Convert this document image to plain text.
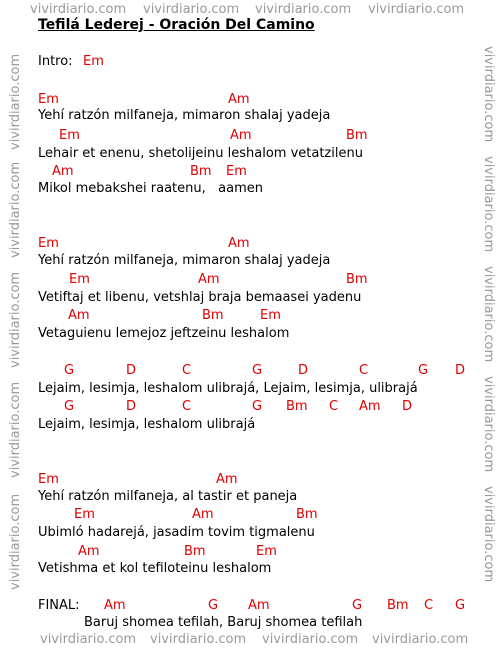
vivirdiario.com vivirdiario.com vivirdiario.com vivirdiario.com
vivirdiario.com vivirdiario.com vivirdiario.com vivirdiario.com
vivirdiario.com
vivirdiario.com
vivirdiario.com
vivirdiario.com
vivirdiario.com
vivirdiario.com
vivirdiario.com
vivirdiario.com
vivirdiario.com
vivirdiario.com
Tefilá Lederej - Oración Del Camino
Intro: Em
Em	Am
Yehí ratzón milfaneja, mimaron shalaj yadeja
Em	Am	Bm
Lehair et enenu, shetolijeinu leshalom vetatzilenu
Am	Bm Em
Mikol mebakshei raatenu,   aamen
Em	Am
Yehí ratzón milfaneja, mimaron shalaj yadeja
Em	Am	Bm
Vetiftaj et libenu, vetshlaj braja bemaasei yadenu
Am	Bm	Em
Vetaguienu lemejoz jeftzeinu leshalom
G	D	C	G	D	C	G D
Lejaim, lesimja, leshalom ulibrajá, Lejaim, lesimja, ulibrajá
G	D	C	G Bm C Am D
Lejaim, lesimja, leshalom ulibrajá
Em	Am
Yehí ratzón milfaneja, al tastir et paneja
Em	Am	Bm
Ubimló hadarejá, jasadim tovim tigmalenu
Am	Bm	Em
Vetishma et kol tefiloteinu leshalom
FINAL: Am	G Am	G Bm C G
Baruj shomea tefilah, Baruj shomea tefilah
